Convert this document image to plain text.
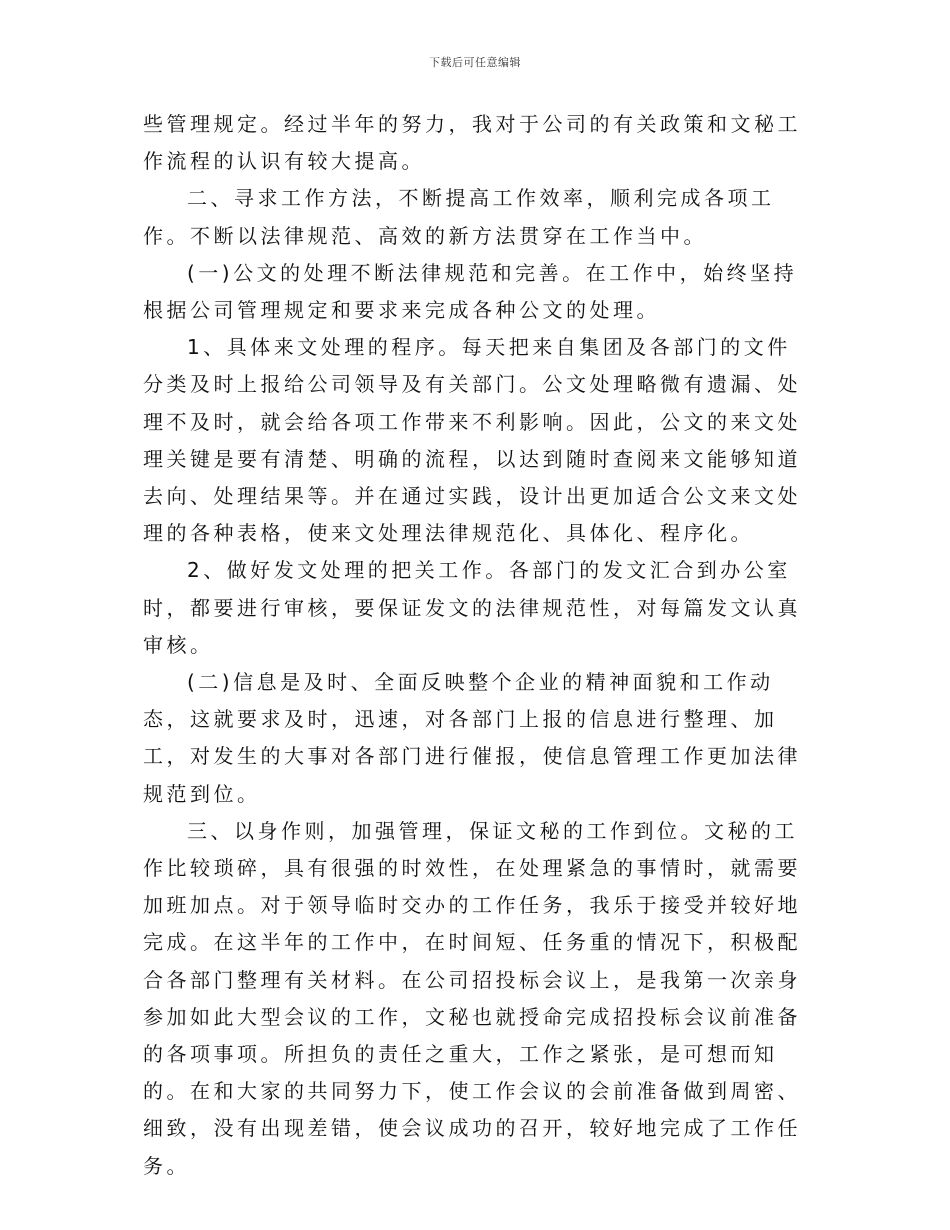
下载后可任意编辑

些管理规定。经过半年的努力，我对于公司的有关政策和文秘工作流程的认识有较大提高。

二、寻求工作方法，不断提高工作效率，顺利完成各项工作。不断以法律规范、高效的新方法贯穿在工作当中。

(一)公文的处理不断法律规范和完善。在工作中，始终坚持根据公司管理规定和要求来完成各种公文的处理。

1、具体来文处理的程序。每天把来自集团及各部门的文件分类及时上报给公司领导及有关部门。公文处理略微有遗漏、处理不及时，就会给各项工作带来不利影响。因此，公文的来文处理关键是要有清楚、明确的流程，以达到随时查阅来文能够知道去向、处理结果等。并在通过实践，设计出更加适合公文来文处理的各种表格，使来文处理法律规范化、具体化、程序化。

2、做好发文处理的把关工作。各部门的发文汇合到办公室时，都要进行审核，要保证发文的法律规范性，对每篇发文认真审核。

(二)信息是及时、全面反映整个企业的精神面貌和工作动态，这就要求及时，迅速，对各部门上报的信息进行整理、加工，对发生的大事对各部门进行催报，使信息管理工作更加法律规范到位。

三、以身作则，加强管理，保证文秘的工作到位。文秘的工作比较琐碎，具有很强的时效性，在处理紧急的事情时，就需要加班加点。对于领导临时交办的工作任务，我乐于接受并较好地完成。在这半年的工作中，在时间短、任务重的情况下，积极配合各部门整理有关材料。在公司招投标会议上，是我第一次亲身参加如此大型会议的工作，文秘也就授命完成招投标会议前准备的各项事项。所担负的责任之重大，工作之紧张，是可想而知的。在和大家的共同努力下，使工作会议的会前准备做到周密、细致，没有出现差错，使会议成功的召开，较好地完成了工作任务。
